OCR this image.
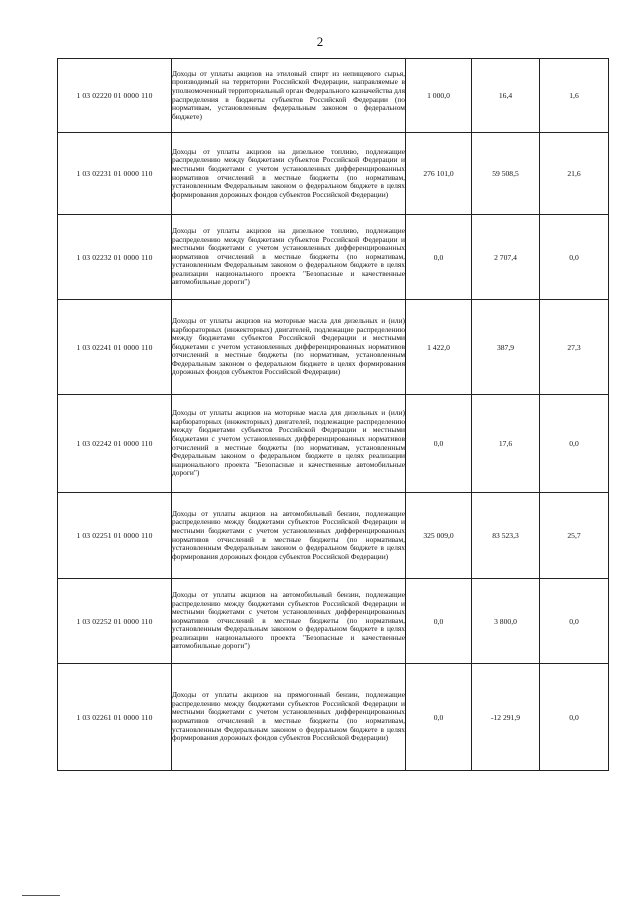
2
1 03 02220 01 0000 110	Доходы от уплаты акцизов на этиловый спирт из непищевого сырья, производимый на территории Российской Федерации, направляемые в уполномоченный территориальный орган Федерального казначейства для распределения в бюджеты субъектов Российской Федерации (по нормативам, установленным федеральным законом о федеральном бюджете)	1 000,0	16,4	1,6
1 03 02231 01 0000 110	Доходы от уплаты акцизов на дизельное топливо, подлежащие распределению между бюджетами субъектов Российской Федерации и местными бюджетами с учетом установленных дифференцированных нормативов отчислений в местные бюджеты (по нормативам, установленным Федеральным законом о федеральном бюджете в целях формирования дорожных фондов субъектов Российской Федерации)	276 101,0	59 508,5	21,6
1 03 02232 01 0000 110	Доходы от уплаты акцизов на дизельное топливо, подлежащие распределению между бюджетами субъектов Российской Федерации и местными бюджетами с учетом установленных дифференцированных нормативов отчислений в местные бюджеты (по нормативам, установленным Федеральным законом о федеральном бюджете в целях реализации национального проекта "Безопасные и качественные автомобильные дороги")	0,0	2 707,4	0,0
1 03 02241 01 0000 110	Доходы от уплаты акцизов на моторные масла для дизельных и (или) карбюраторных (инжекторных) двигателей, подлежащие распределению между бюджетами субъектов Российской Федерации и местными бюджетами с учетом установленных дифференцированных нормативов отчислений в местные бюджеты (по нормативам, установленным Федеральным законом о федеральном бюджете в целях формирования дорожных фондов субъектов Российской Федерации)	1 422,0	387,9	27,3
1 03 02242 01 0000 110	Доходы от уплаты акцизов на моторные масла для дизельных и (или) карбюраторных (инжекторных) двигателей, подлежащие распределению между бюджетами субъектов Российской Федерации и местными бюджетами с учетом установленных дифференцированных нормативов отчислений в местные бюджеты (по нормативам, установленным Федеральным законом о федеральном бюджете в целях реализации национального проекта "Безопасные и качественные автомобильные дороги")	0,0	17,6	0,0
1 03 02251 01 0000 110	Доходы от уплаты акцизов на автомобильный бензин, подлежащие распределению между бюджетами субъектов Российской Федерации и местными бюджетами с учетом установленных дифференцированных нормативов отчислений в местные бюджеты (по нормативам, установленным Федеральным законом о федеральном бюджете в целях формирования дорожных фондов субъектов Российской Федерации)	325 009,0	83 523,3	25,7
1 03 02252 01 0000 110	Доходы от уплаты акцизов на автомобильный бензин, подлежащие распределению между бюджетами субъектов Российской Федерации и местными бюджетами с учетом установленных дифференцированных нормативов отчислений в местные бюджеты (по нормативам, установленным Федеральным законом о федеральном бюджете в целях реализации национального проекта "Безопасные и качественные автомобильные дороги")	0,0	3 800,0	0,0
1 03 02261 01 0000 110	Доходы от уплаты акцизов на прямогонный бензин, подлежащие распределению между бюджетами субъектов Российской Федерации и местными бюджетами с учетом установленных дифференцированных нормативов отчислений в местные бюджеты (по нормативам, установленным Федеральным законом о федеральном бюджете в целях формирования дорожных фондов субъектов Российской Федерации)	0,0	-12 291,9	0,0
